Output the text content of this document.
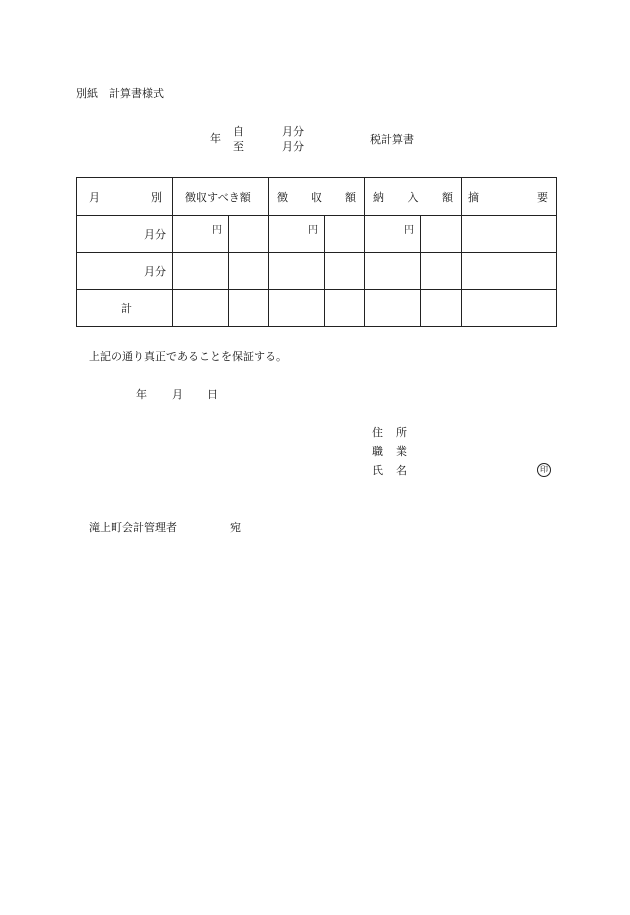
別紙　計算書様式
年
自
至
月分
月分
税計算書
月 別	徴収すべき額		徴 収 額		納 入 額		摘 要

月分	円		円		円		

月分							
計							
上記の通り真正であることを保証する。
年 月 日
住 所
職 業
氏 名	印
滝上町会計管理者	宛
